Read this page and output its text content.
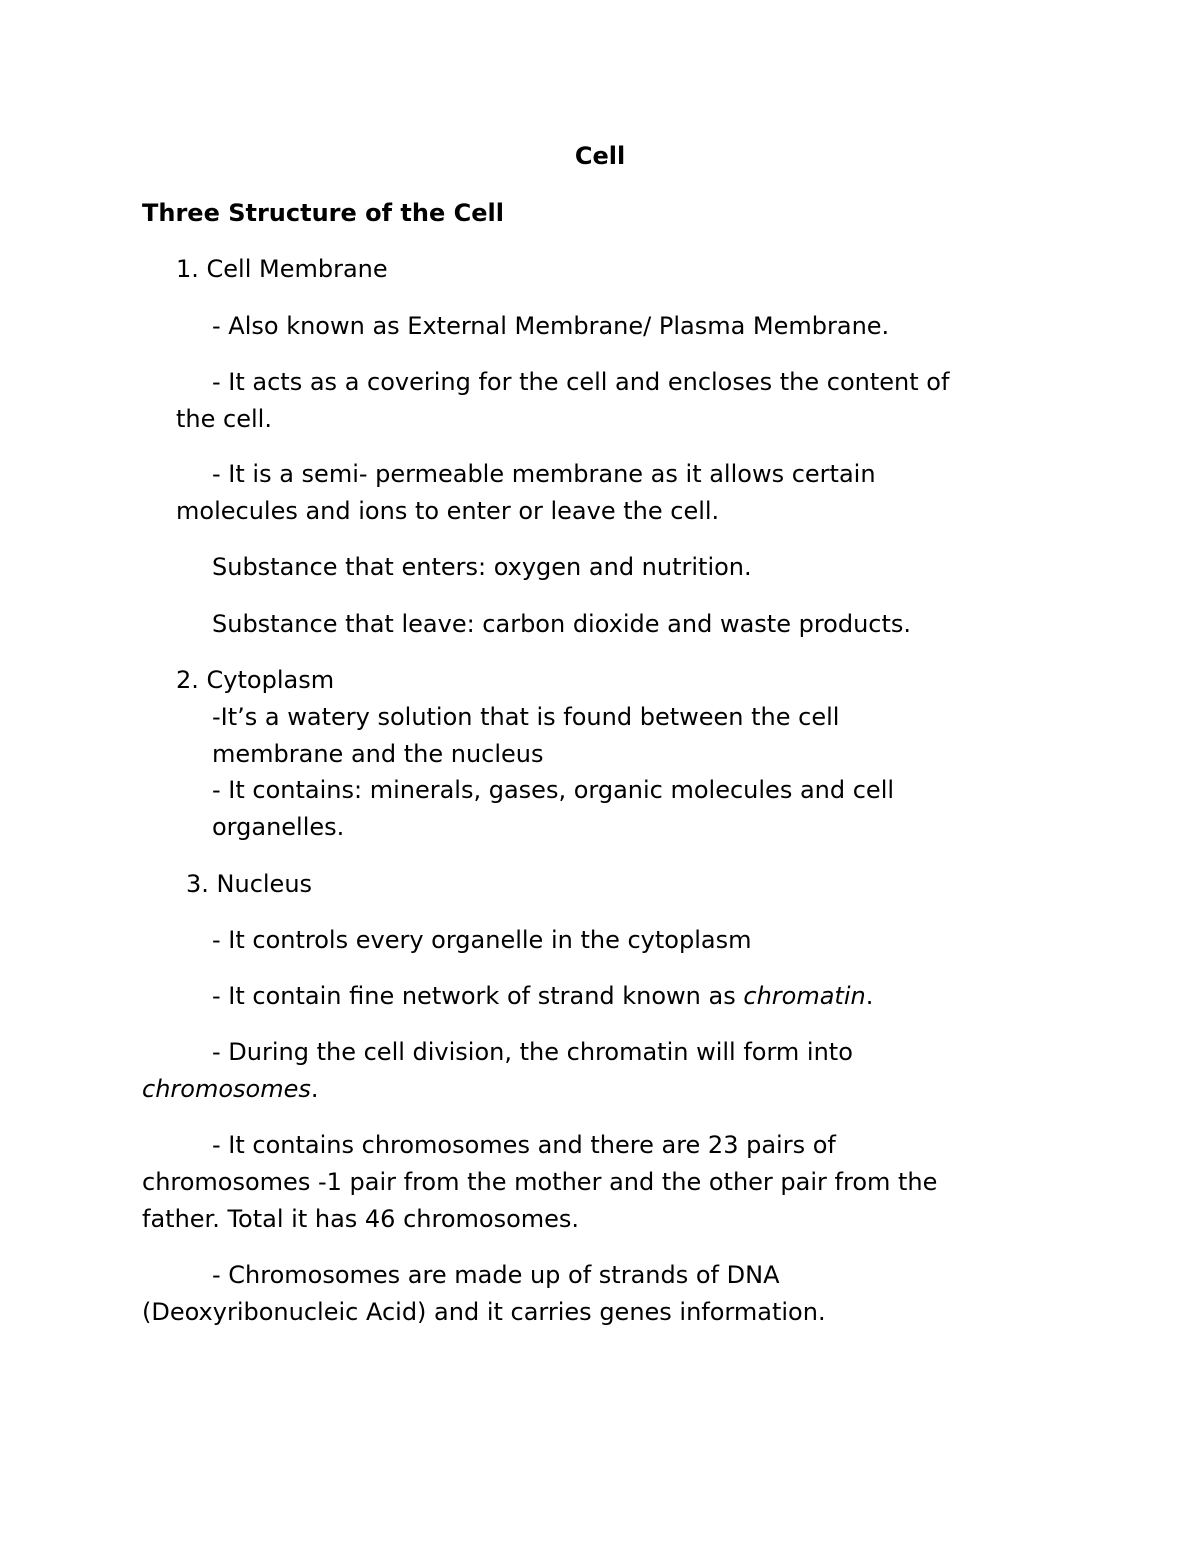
Cell
Three Structure of the Cell
1. Cell Membrane
- Also known as External Membrane/ Plasma Membrane.
- It acts as a covering for the cell and encloses the content of
the cell.
- It is a semi- permeable membrane as it allows certain
molecules and ions to enter or leave the cell.
Substance that enters: oxygen and nutrition.
Substance that leave: carbon dioxide and waste products.
2. Cytoplasm
-It’s a watery solution that is found between the cell
membrane and the nucleus
- It contains: minerals, gases, organic molecules and cell
organelles.
3. Nucleus
- It controls every organelle in the cytoplasm
- It contain fine network of strand known as chromatin.
- During the cell division, the chromatin will form into
chromosomes.
- It contains chromosomes and there are 23 pairs of
chromosomes -1 pair from the mother and the other pair from the
father. Total it has 46 chromosomes.
- Chromosomes are made up of strands of DNA
(Deoxyribonucleic Acid) and it carries genes information.
